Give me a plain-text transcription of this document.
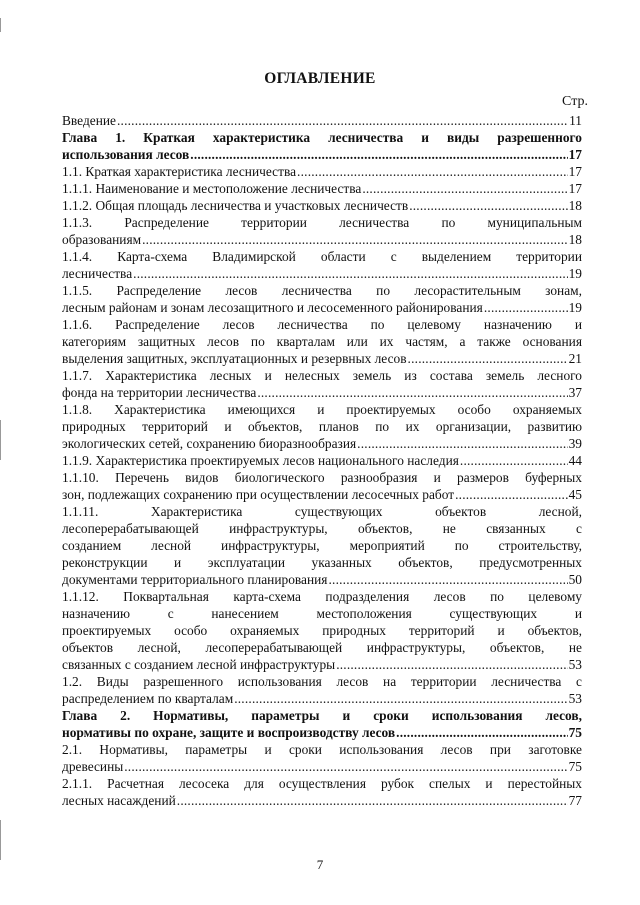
ОГЛАВЛЕНИЕ
Стр.
Введение .....	11
Глава 1. Краткая характеристика лесничества и виды разрешенного
использования лесов .....	17
1.1. Краткая характеристика лесничества .....	17
1.1.1. Наименование и местоположение лесничества .....	17
1.1.2. Общая площадь лесничества и участковых лесничеств .....	18
1.1.3. Распределение территории лесничества по муниципальным
образованиям .....	18
1.1.4. Карта-схема Владимирской области с выделением территории
лесничества .....	19
1.1.5. Распределение лесов лесничества по лесорастительным зонам,
лесным районам и зонам лесозащитного и лесосеменного районирования .....	19
1.1.6. Распределение лесов лесничества по целевому назначению и
категориям защитных лесов по кварталам или их частям, а также основания
выделения защитных, эксплуатационных и резервных лесов .....	21
1.1.7. Характеристика лесных и нелесных земель из состава земель лесного
фонда на территории лесничества .....	37
1.1.8. Характеристика имеющихся и проектируемых особо охраняемых
природных территорий и объектов, планов по их организации, развитию
экологических сетей, сохранению биоразнообразия .....	39
1.1.9. Характеристика проектируемых лесов национального наследия .....	44
1.1.10. Перечень видов биологического разнообразия и размеров буферных
зон, подлежащих сохранению при осуществлении лесосечных работ .....	45
1.1.11. Характеристика существующих объектов лесной,
лесоперерабатывающей инфраструктуры, объектов, не связанных с
созданием лесной инфраструктуры, мероприятий по строительству,
реконструкции и эксплуатации указанных объектов, предусмотренных
документами территориального планирования .....	50
1.1.12. Поквартальная карта-схема подразделения лесов по целевому
назначению с нанесением местоположения существующих и
проектируемых особо охраняемых природных территорий и объектов,
объектов лесной, лесоперерабатывающей инфраструктуры, объектов, не
связанных с созданием лесной инфраструктуры .....	53
1.2. Виды разрешенного использования лесов на территории лесничества с
распределением по кварталам .....	53
Глава 2. Нормативы, параметры и сроки использования лесов,
нормативы по охране, защите и воспроизводству лесов .....	75
2.1. Нормативы, параметры и сроки использования лесов при заготовке
древесины .....	75
2.1.1. Расчетная лесосека для осуществления рубок спелых и перестойных
лесных насаждений .....	77
7
